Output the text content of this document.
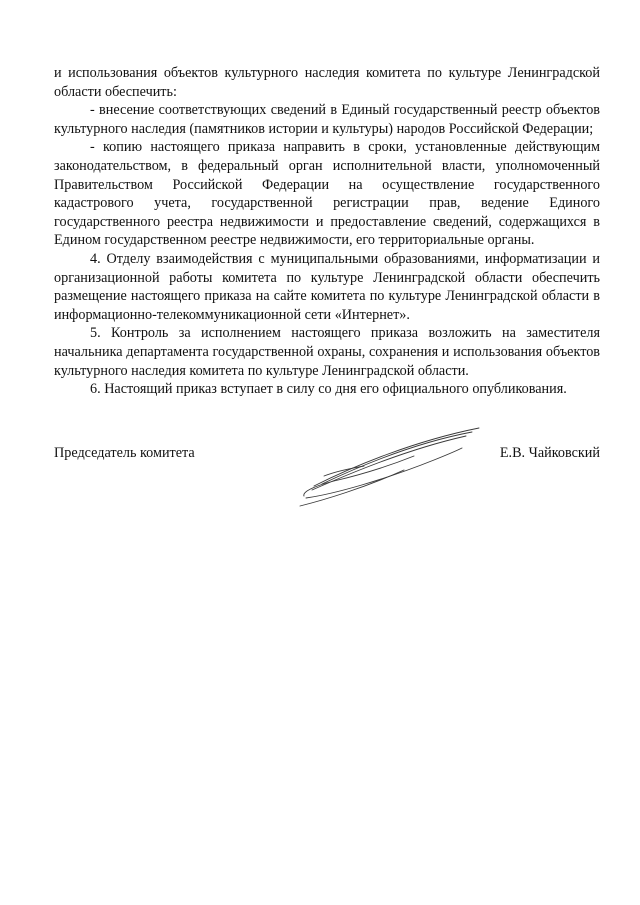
и использования объектов культурного наследия комитета по культуре Ленинградской области обеспечить:

- внесение соответствующих сведений в Единый государственный реестр объектов культурного наследия (памятников истории и культуры) народов Российской Федерации;

- копию настоящего приказа направить в сроки, установленные действующим законодательством, в федеральный орган исполнительной власти, уполномоченный Правительством Российской Федерации на осуществление государственного кадастрового учета, государственной регистрации прав, ведение Единого государственного реестра недвижимости и предоставление сведений, содержащихся в Едином государственном реестре недвижимости, его территориальные органы.

4. Отделу взаимодействия с муниципальными образованиями, информатизации и организационной работы комитета по культуре Ленинградской области обеспечить размещение настоящего приказа на сайте комитета по культуре Ленинградской области в информационно-телекоммуникационной сети «Интернет».

5. Контроль за исполнением настоящего приказа возложить на заместителя начальника департамента государственной охраны, сохранения и использования объектов культурного наследия комитета по культуре Ленинградской области.

6. Настоящий приказ вступает в силу со дня его официального опубликования.

Председатель комитета	Е.В. Чайковский
